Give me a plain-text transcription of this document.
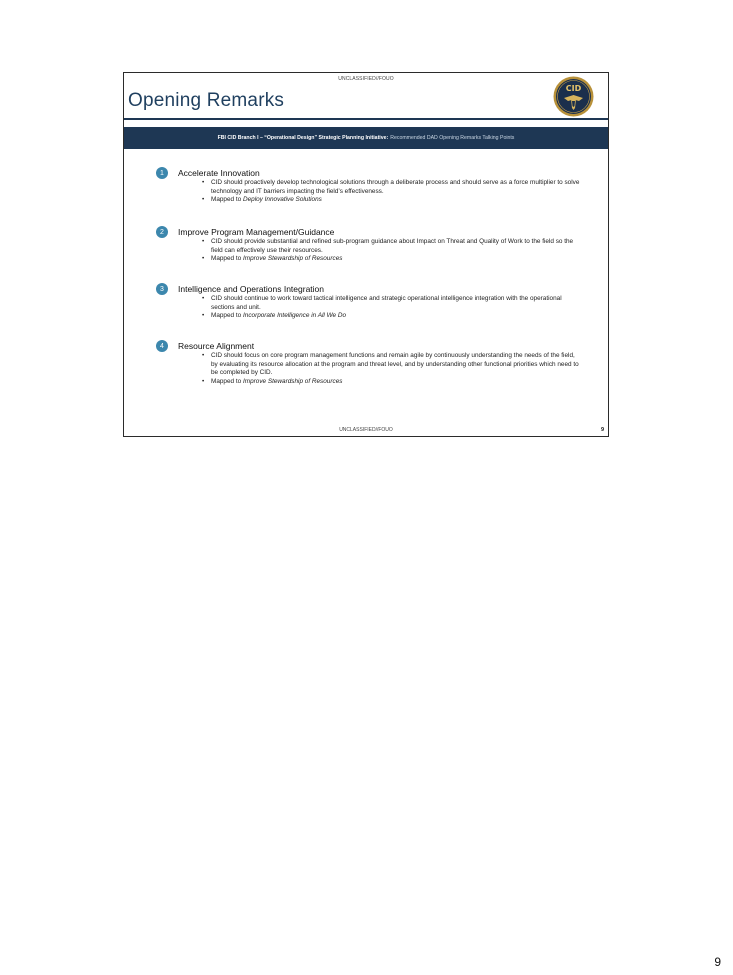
UNCLASSIFIED//FOUO
Opening Remarks
CID
FBI CID Branch I – “Operational Design” Strategic Planning Initiative: Recommended DAD Opening Remarks Talking Points
1	Accelerate Innovation
• CID should proactively develop technological solutions through a deliberate process and should serve as a force multiplier to solve technology and IT barriers impacting the field’s effectiveness.
• Mapped to Deploy Innovative Solutions
2	Improve Program Management/Guidance
• CID should provide substantial and refined sub-program guidance about Impact on Threat and Quality of Work to the field so the field can effectively use their resources.
• Mapped to Improve Stewardship of Resources
3	Intelligence and Operations Integration
• CID should continue to work toward tactical intelligence and strategic operational intelligence integration with the operational sections and unit.
• Mapped to Incorporate Intelligence in All We Do
4	Resource Alignment
• CID should focus on core program management functions and remain agile by continuously understanding the needs of the field, by evaluating its resource allocation at the program and threat level, and by understanding other functional priorities which need to be completed by CID.
• Mapped to Improve Stewardship of Resources
UNCLASSIFIED//FOUO	9
9
